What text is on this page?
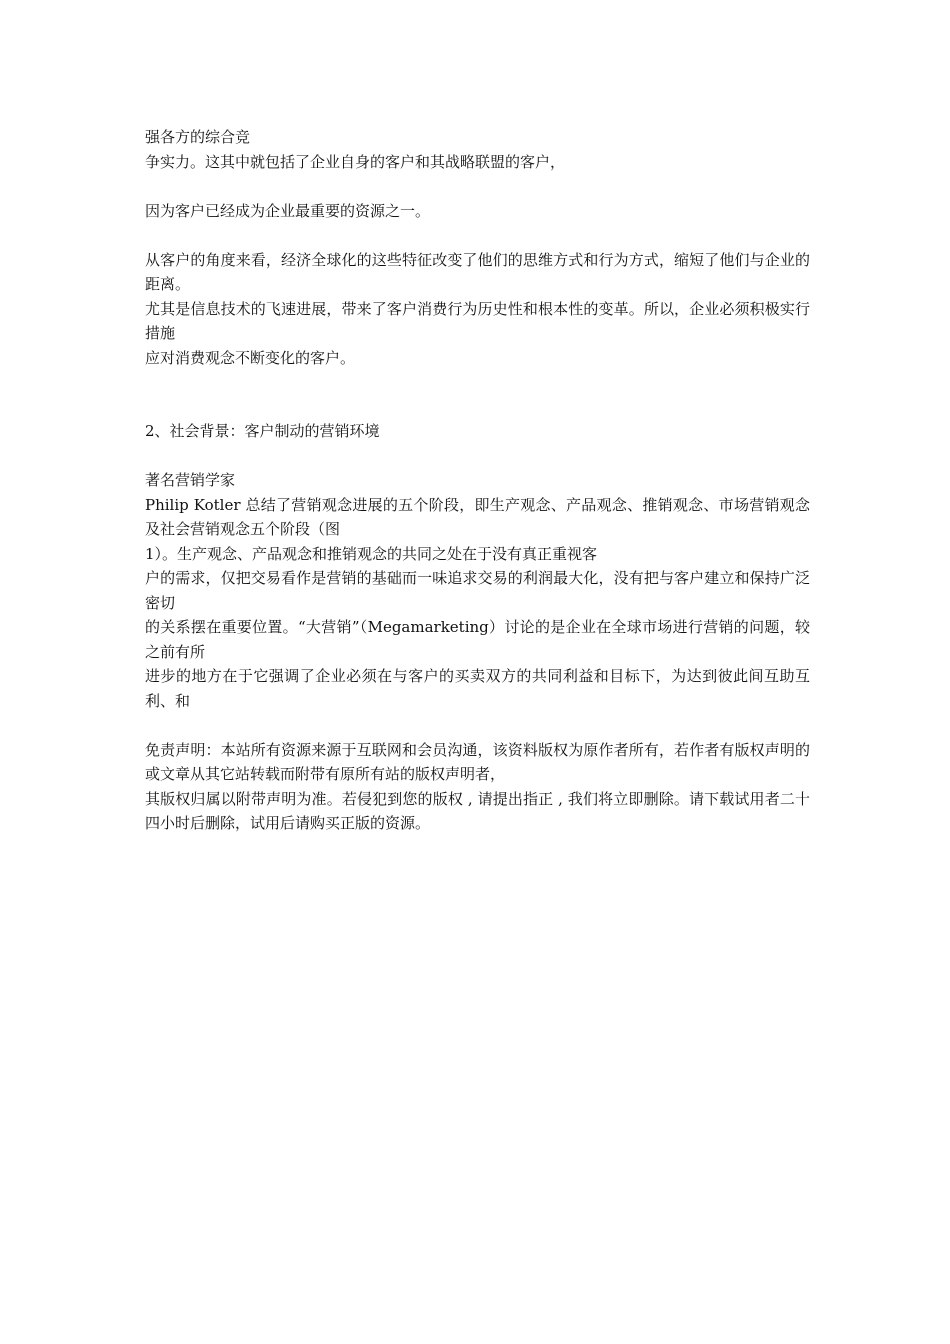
强各方的综合竞

争实力。这其中就包括了企业自身的客户和其战略联盟的客户，

因为客户已经成为企业最重要的资源之一。

从客户的角度来看，经济全球化的这些特征改变了他们的思维方式和行为方式，缩短了他们与企业的距离。

尤其是信息技术的飞速进展，带来了客户消费行为历史性和根本性的变革。所以，企业必须积极实行措施

应对消费观念不断变化的客户。

2、社会背景：客户制动的营销环境

著名营销学家

Philip Kotler 总结了营销观念进展的五个阶段，即生产观念、产品观念、推销观念、市场营销观念及社会营销观念五个阶段（图

1）。生产观念、产品观念和推销观念的共同之处在于没有真正重视客

户的需求，仅把交易看作是营销的基础而一味追求交易的利润最大化，没有把与客户建立和保持广泛密切

的关系摆在重要位置。“大营销”（Megamarketing）讨论的是企业在全球市场进行营销的问题，较之前有所

进步的地方在于它强调了企业必须在与客户的买卖双方的共同利益和目标下，为达到彼此间互助互利、和

免责声明：本站所有资源来源于互联网和会员沟通，该资料版权为原作者所有，若作者有版权声明的或文章从其它站转载而附带有原所有站的版权声明者，

其版权归属以附带声明为准。若侵犯到您的版权 , 请提出指正 , 我们将立即删除。请下载试用者二十四小时后删除，试用后请购买正版的资源。
